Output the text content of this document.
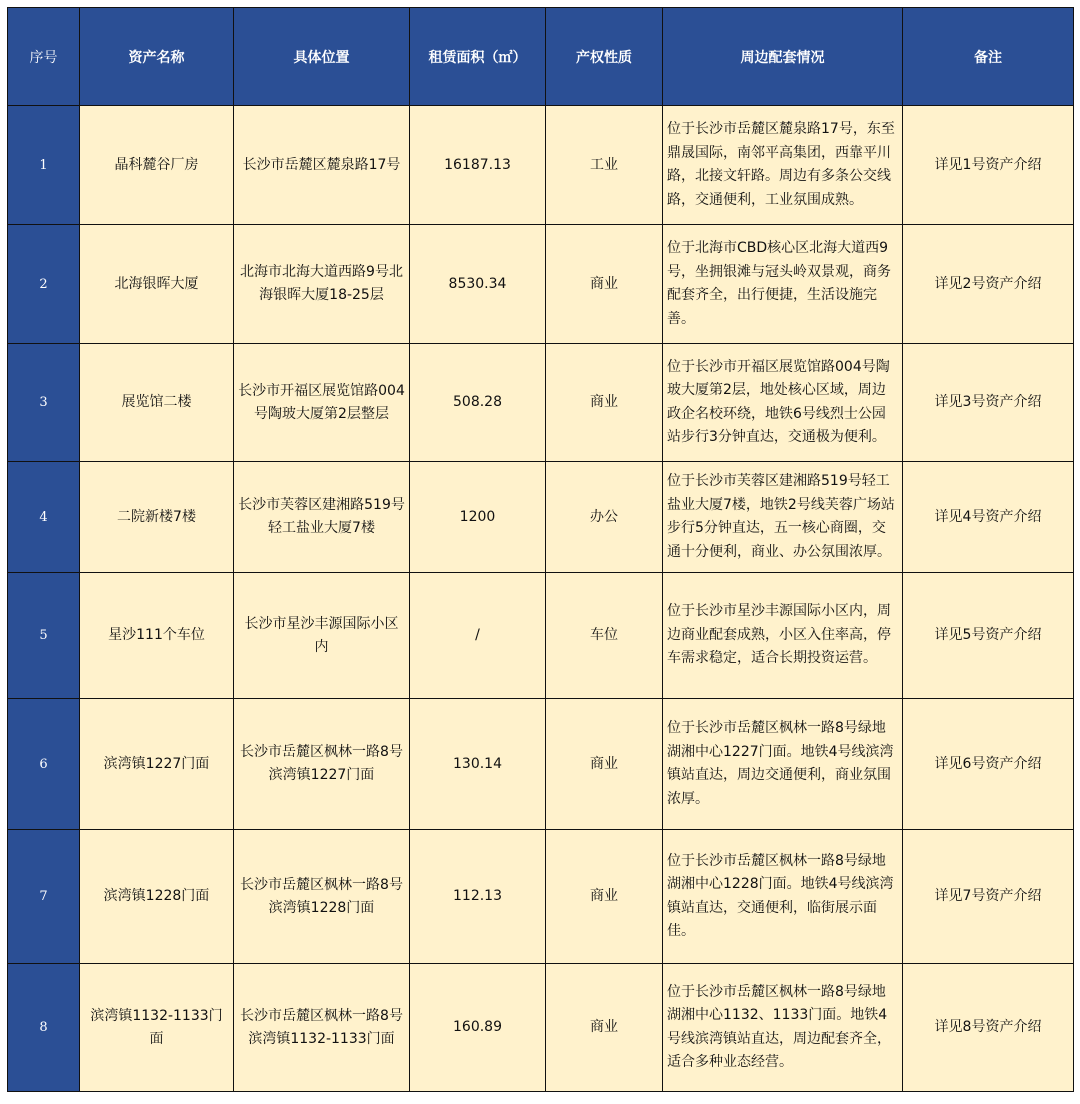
序号	资产名称	具体位置	租赁面积（㎡）	产权性质	周边配套情况	备注
1	晶科麓谷厂房	长沙市岳麓区麓泉路17号	16187.13	工业	位于长沙市岳麓区麓泉路17号，东至鼎晟国际，南邻平高集团，西靠平川路，北接文轩路。周边有多条公交线路，交通便利，工业氛围成熟。	详见1号资产介绍
2	北海银晖大厦	北海市北海大道西路9号北海银晖大厦18-25层	8530.34	商业	位于北海市CBD核心区北海大道西9号，坐拥银滩与冠头岭双景观，商务配套齐全，出行便捷，生活设施完善。	详见2号资产介绍
3	展览馆二楼	长沙市开福区展览馆路004号陶玻大厦第2层整层	508.28	商业	位于长沙市开福区展览馆路004号陶玻大厦第2层，地处核心区域，周边政企名校环绕，地铁6号线烈士公园站步行3分钟直达，交通极为便利。	详见3号资产介绍
4	二院新楼7楼	长沙市芙蓉区建湘路519号轻工盐业大厦7楼	1200	办公	位于长沙市芙蓉区建湘路519号轻工盐业大厦7楼，地铁2号线芙蓉广场站步行5分钟直达，五一核心商圈，交通十分便利，商业、办公氛围浓厚。	详见4号资产介绍
5	星沙111个车位	长沙市星沙丰源国际小区内	/	车位	位于长沙市星沙丰源国际小区内，周边商业配套成熟，小区入住率高，停车需求稳定，适合长期投资运营。	详见5号资产介绍
6	滨湾镇1227门面	长沙市岳麓区枫林一路8号滨湾镇1227门面	130.14	商业	位于长沙市岳麓区枫林一路8号绿地湖湘中心1227门面。地铁4号线滨湾镇站直达，周边交通便利，商业氛围浓厚。	详见6号资产介绍
7	滨湾镇1228门面	长沙市岳麓区枫林一路8号滨湾镇1228门面	112.13	商业	位于长沙市岳麓区枫林一路8号绿地湖湘中心1228门面。地铁4号线滨湾镇站直达，交通便利，临街展示面佳。	详见7号资产介绍
8	滨湾镇1132-1133门面	长沙市岳麓区枫林一路8号滨湾镇1132-1133门面	160.89	商业	位于长沙市岳麓区枫林一路8号绿地湖湘中心1132、1133门面。地铁4号线滨湾镇站直达，周边配套齐全，适合多种业态经营。	详见8号资产介绍
